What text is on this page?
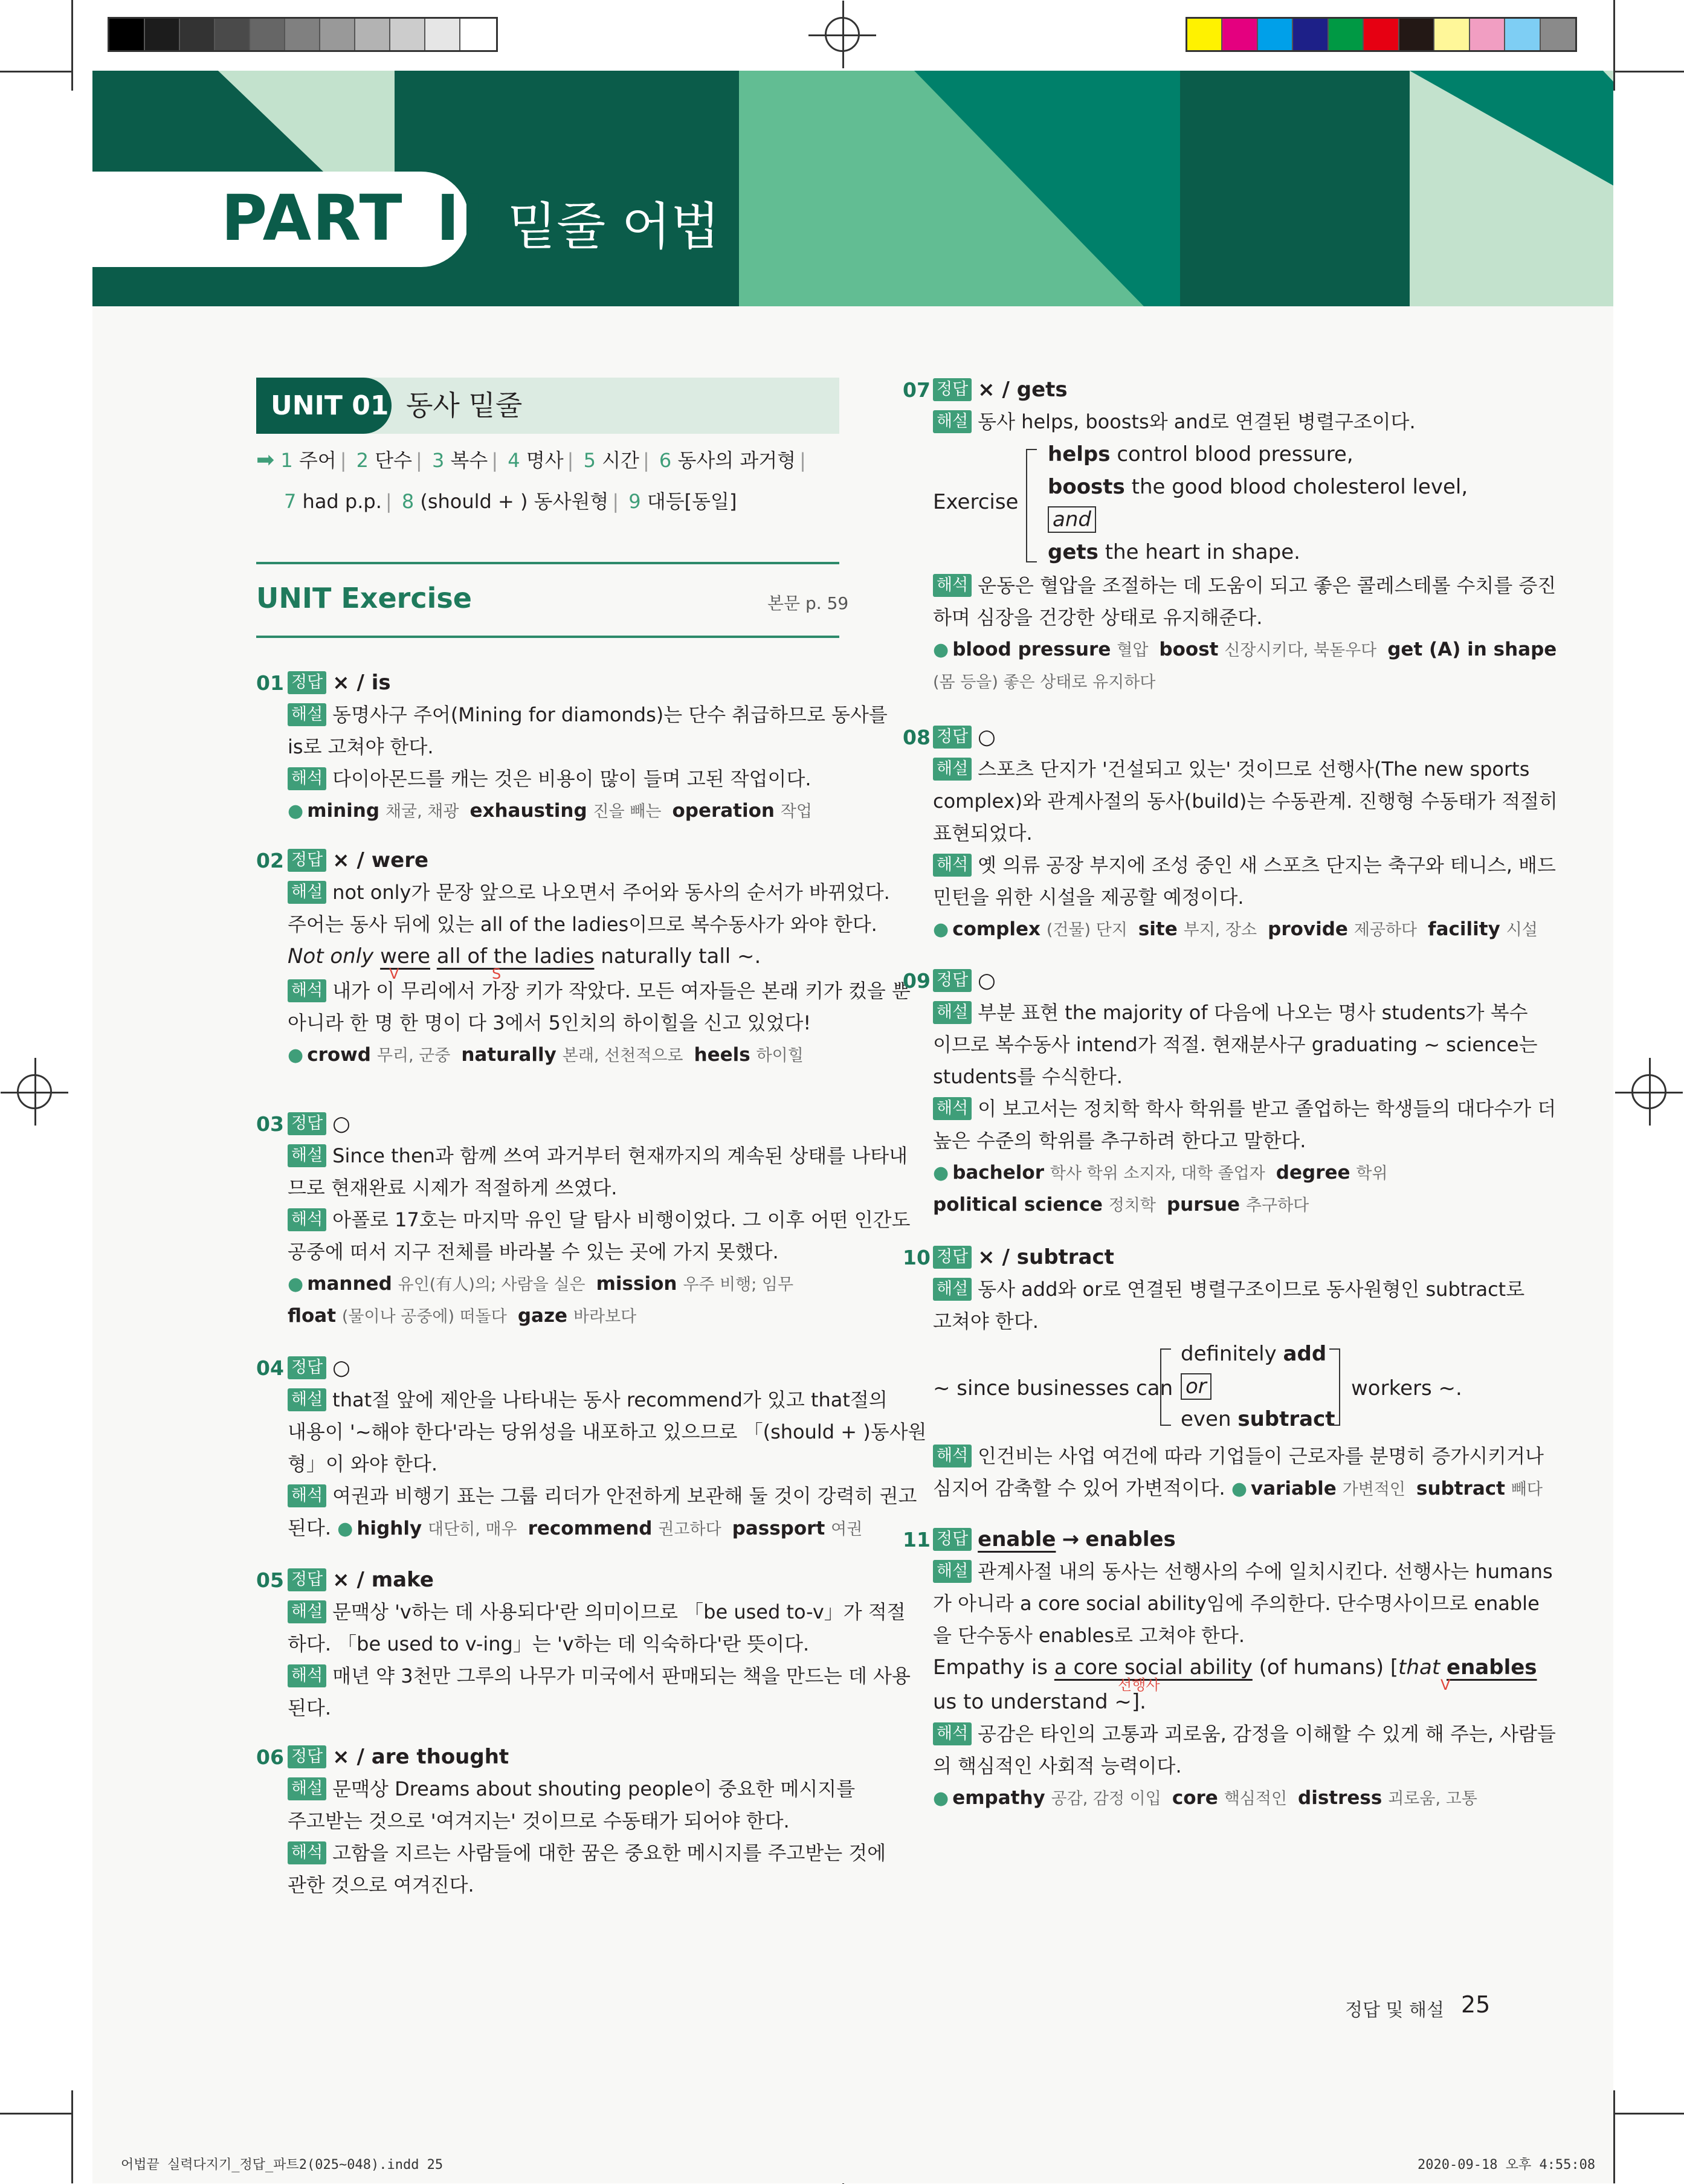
PART II 밑줄 어법
UNIT 01 동사 밑줄
➡ 1 주어 | 2 단수 | 3 복수 | 4 명사 | 5 시간 | 6 동사의 과거형 |
7 had p.p. | 8 (should + ) 동사원형 | 9 대등[동일]
UNIT Exercise	본문 p. 59
01 정답 × / is
해설 동명사구 주어(Mining for diamonds)는 단수 취급하므로 동사를
is로 고쳐야 한다.
해석 다이아몬드를 캐는 것은 비용이 많이 들며 고된 작업이다.
● mining 채굴, 채광 exhausting 진을 빼는 operation 작업
02 정답 × / were
해설 not only가 문장 앞으로 나오면서 주어와 동사의 순서가 바뀌었다.
주어는 동사 뒤에 있는 all of the ladies이므로 복수동사가 와야 한다.
Not only were all of the ladies naturally tall ~.
V	S
해석 내가 이 무리에서 가장 키가 작았다. 모든 여자들은 본래 키가 컸을 뿐
아니라 한 명 한 명이 다 3에서 5인치의 하이힐을 신고 있었다!
● crowd 무리, 군중 naturally 본래, 선천적으로 heels 하이힐
03 정답 ○
해설 Since then과 함께 쓰여 과거부터 현재까지의 계속된 상태를 나타내
므로 현재완료 시제가 적절하게 쓰였다.
해석 아폴로 17호는 마지막 유인 달 탐사 비행이었다. 그 이후 어떤 인간도
공중에 떠서 지구 전체를 바라볼 수 있는 곳에 가지 못했다.
● manned 유인(有人)의; 사람을 실은 mission 우주 비행; 임무
float (물이나 공중에) 떠돌다 gaze 바라보다
04 정답 ○
해설 that절 앞에 제안을 나타내는 동사 recommend가 있고 that절의
내용이 '~해야 한다'라는 당위성을 내포하고 있으므로 「(should + )동사원
형」이 와야 한다.
해석 여권과 비행기 표는 그룹 리더가 안전하게 보관해 둘 것이 강력히 권고
된다. ● highly 대단히, 매우 recommend 권고하다 passport 여권
05 정답 × / make
해설 문맥상 'v하는 데 사용되다'란 의미이므로 「be used to-v」가 적절
하다. 「be used to v-ing」는 'v하는 데 익숙하다'란 뜻이다.
해석 매년 약 3천만 그루의 나무가 미국에서 판매되는 책을 만드는 데 사용
된다.
06 정답 × / are thought
해설 문맥상 Dreams about shouting people이 중요한 메시지를
주고받는 것으로 '여겨지는' 것이므로 수동태가 되어야 한다.
해석 고함을 지르는 사람들에 대한 꿈은 중요한 메시지를 주고받는 것에
관한 것으로 여겨진다.
07 정답 × / gets
해설 동사 helps, boosts와 and로 연결된 병렬구조이다.
Exercise
helps control blood pressure,
boosts the good blood cholesterol level,
and
gets the heart in shape.
해석 운동은 혈압을 조절하는 데 도움이 되고 좋은 콜레스테롤 수치를 증진
하며 심장을 건강한 상태로 유지해준다.
● blood pressure 혈압 boost 신장시키다, 북돋우다 get (A) in shape
(몸 등을) 좋은 상태로 유지하다
08 정답 ○
해설 스포츠 단지가 '건설되고 있는' 것이므로 선행사(The new sports
complex)와 관계사절의 동사(build)는 수동관계. 진행형 수동태가 적절히
표현되었다.
해석 옛 의류 공장 부지에 조성 중인 새 스포츠 단지는 축구와 테니스, 배드
민턴을 위한 시설을 제공할 예정이다.
● complex (건물) 단지 site 부지, 장소 provide 제공하다 facility 시설
09 정답 ○
해설 부분 표현 the majority of 다음에 나오는 명사 students가 복수
이므로 복수동사 intend가 적절. 현재분사구 graduating ~ science는
students를 수식한다.
해석 이 보고서는 정치학 학사 학위를 받고 졸업하는 학생들의 대다수가 더
높은 수준의 학위를 추구하려 한다고 말한다.
● bachelor 학사 학위 소지자, 대학 졸업자 degree 학위
political science 정치학 pursue 추구하다
10 정답 × / subtract
해설 동사 add와 or로 연결된 병렬구조이므로 동사원형인 subtract로
고쳐야 한다.
~ since businesses can
definitely add
or
even subtract
workers ~.
해석 인건비는 사업 여건에 따라 기업들이 근로자를 분명히 증가시키거나
심지어 감축할 수 있어 가변적이다. ● variable 가변적인 subtract 빼다
11 정답 enable → enables
해설 관계사절 내의 동사는 선행사의 수에 일치시킨다. 선행사는 humans
가 아니라 a core social ability임에 주의한다. 단수명사이므로 enable
을 단수동사 enables로 고쳐야 한다.
Empathy is a core social ability (of humans) [that enables
선행사	V
us to understand ~].
해석 공감은 타인의 고통과 괴로움, 감정을 이해할 수 있게 해 주는, 사람들
의 핵심적인 사회적 능력이다.
● empathy 공감, 감정 이입 core 핵심적인 distress 괴로움, 고통
정답 및 해설 25
어법끝 실력다지기_정답_파트2(025~048).indd 25	2020-09-18 오후 4:55:08
